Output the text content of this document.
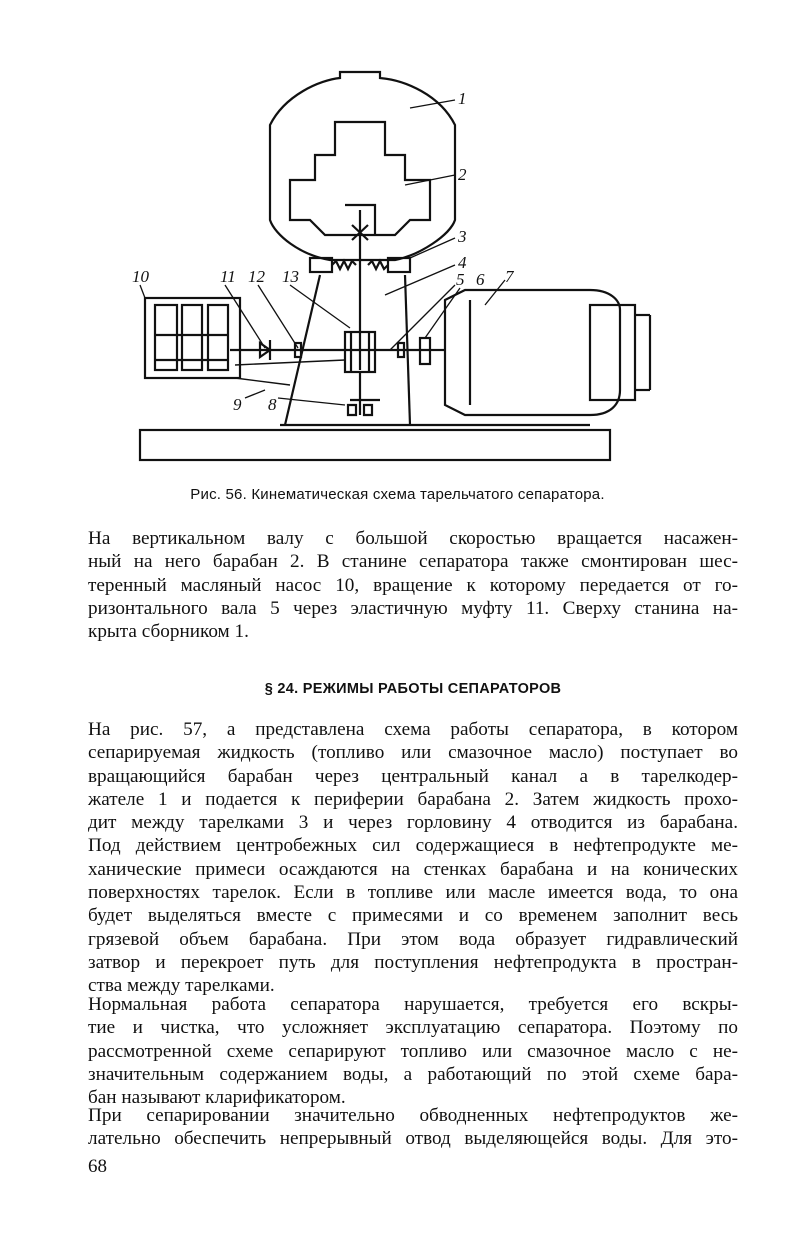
1
2
3
4
5 6 7
8
9
10	11 12 13
Рис. 56. Кинематическая схема тарельчатого сепаратора.
На вертикальном валу с большой скоростью вращается насажен-
ный на него барабан 2. В станине сепаратора также смонтирован шес-
теренный масляный насос 10, вращение к которому передается от го-
ризонтального вала 5 через эластичную муфту 11. Сверху станина на-
крыта сборником 1.
§ 24. РЕЖИМЫ РАБОТЫ СЕПАРАТОРОВ
На рис. 57, а представлена схема работы сепаратора, в котором
сепарируемая жидкость (топливо или смазочное масло) поступает во
вращающийся барабан через центральный канал а в тарелкодер-
жателе 1 и подается к периферии барабана 2. Затем жидкость прохо-
дит между тарелками 3 и через горловину 4 отводится из барабана.
Под действием центробежных сил содержащиеся в нефтепродукте ме-
ханические примеси осаждаются на стенках барабана и на конических
поверхностях тарелок. Если в топливе или масле имеется вода, то она
будет выделяться вместе с примесями и со временем заполнит весь
грязевой объем барабана. При этом вода образует гидравлический
затвор и перекроет путь для поступления нефтепродукта в простран-
ства между тарелками.
Нормальная работа сепаратора нарушается, требуется его вскры-
тие и чистка, что усложняет эксплуатацию сепаратора. Поэтому по
рассмотренной схеме сепарируют топливо или смазочное масло с не-
значительным содержанием воды, а работающий по этой схеме бара-
бан называют кларификатором.
При сепарировании значительно обводненных нефтепродуктов же-
лательно обеспечить непрерывный отвод выделяющейся воды. Для это-
68
